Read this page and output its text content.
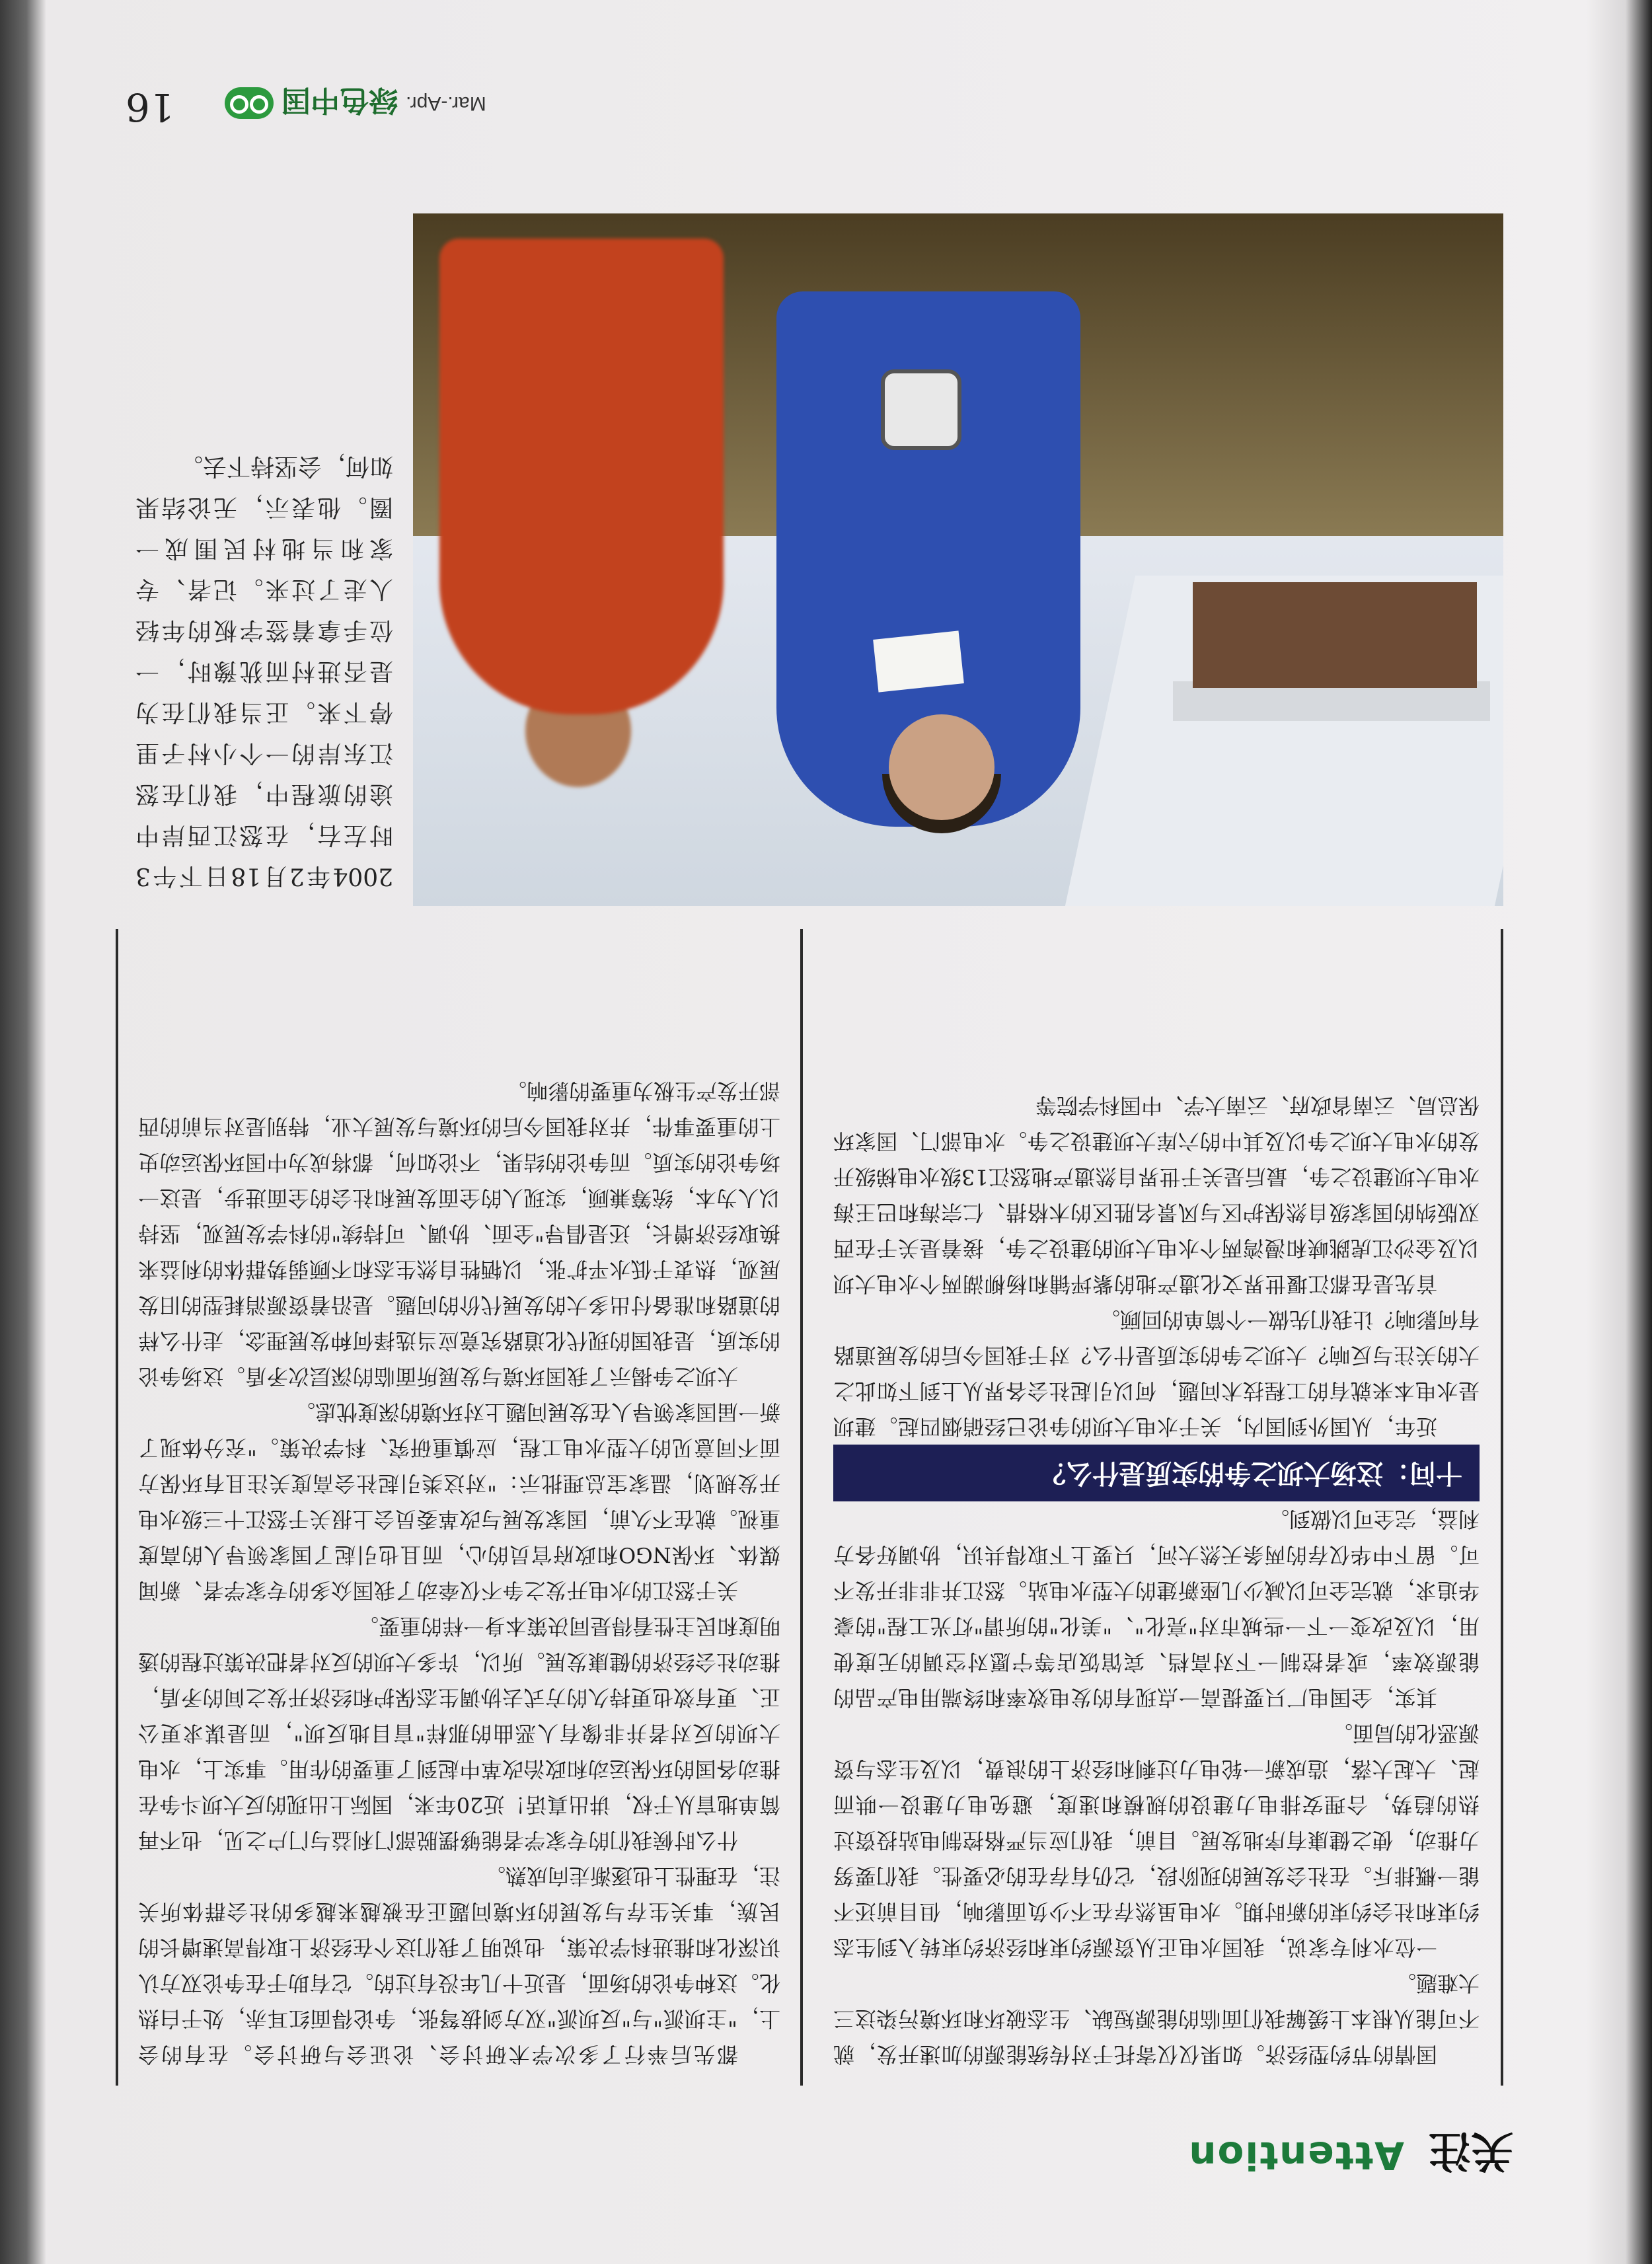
关注
Attention

国情的节约型经济。如果仅仅寄托于对传统能源的加速开发，就不可能从根本上缓解我们面临的能源短缺、生态破坏和环境污染这三大难题。

一位水利专家说，我国水电正从资源约束和经济约束转入到生态约束和社会约束的新时期。水电虽然存在不少负面影响，但目前还不能一概排斥。在社会发展的现阶段，它仍有存在的必要性。我们要努力推动，使之健康有序地发展。目前，我们应当严格控制电站投资过热的趋势，合理安排电力建设的规模和速度，避免电力建设一哄而起、大起大落，造成新一轮电力过剩和经济上的浪费，以及生态与资源恶化的局面。

其实，全国电厂只要提高一点现有的发电效率和终端用电产品的能源效率，或者控制一下对高档、宾馆饭店等宁愿对空调的无度使用，以及改变一下一些城市对"亮化"、"美化"的所谓"灯光工程"的豪华追求，就完全可以减少几座新建的大型水电站。怒江并非非开发不可。留下中华仅存的两条天然大河，只要上下取得共识，协调好各方利益，完全可以做到。

十问：这场大坝之争的实质是什么？

近年，从国外到国内，关于水电大坝的争论已经硝烟四起。建坝是水电本来就有的工程技术问题，何以引起社会各界从上到下如此之大的关注与反响？大坝之争的实质是什么？对于我国今后的发展道路有何影响？让我们先做一个简单的回顾。

首先是在都江堰世界文化遗产地的紫坪铺和杨柳湖两个水电大坝以及金沙江虎跳峡和漫湾两个水电大坝的建设之争，接着是关于在西双版纳的国家级自然保护区与风景名胜区的木格措、仁宗海和巴王海水电大坝建设之争，最后是关于世界自然遗产地怒江13级水电梯级开发的水电大坝之争以及其中的六库大坝建设之争。水电部门、国家环保总局、云南省政府、云南大学、中国科学院等

都先后举行了多次学术研讨会、论证会与研讨会。在有的会上，"主坝派"与"反坝派"双方剑拔弩张，争论得面红耳赤，处于白热化。这种争论的场面，是近十几年没有过的。它有助于在争论双方认识深化和推进科学决策，也说明了我们这个在经济上取得高速增长的民族，事关生存与发展的环境问题正在被越来越多的社会群体所关注，在理性上也逐渐走向成熟。

什么时候我们的专家学者能够摆脱部门利益与门户之见，也不再简单地盲从于权，讲出真话！近20年来，国际上出现的反大坝斗争在推动各国的环保运动和政治改革中起到了重要的作用。事实上，水电大坝的反对者并非像有人恶曲的那样"盲目地反坝"，而是谋求更公正、更有效也更持久的方式去协调生态保护和经济开发之间的矛盾，推动社会经济的健康发展。所以，许多大坝的反对者把决策过程的透明度和民主性看得是同决策本身一样的重要。

关于怒江的水电开发之争不仅牵动了我国众多的专家学者、新闻媒体、环保NGO和政府官员的心，而且也引起了国家领导人的高度重视。就在不久前，国家发展与改革委员会上报关于怒江十三级水电开发规划，温家宝总理批示："对这类引起社会高度关注且有环保方面不同意见的大型水电工程，应慎重研究、科学决策。"充分体现了新一届国家领导人在发展问题上对环境的深度忧虑。

大坝之争揭示了我国环境与发展所面临的深层次矛盾。这场争论的实质，是我国的现代化道路究竟应当选择何种发展理念，走什么样的道路和准备付出多大的发展代价的问题。是沿着资源消耗型的旧发展观，热衷于低水平扩张，以牺牲自然生态和不顾弱势群体的利益来换取经济增长，还是倡导"全面、协调、可持续"的科学发展观，坚持以人为本，统筹兼顾，实现人的全面发展和社会的全面进步，是这一场争论的实质。而争论的结果，不论如何，都将成为中国环保运动史上的重要事件，并对我国今后的环境与发展大业，特别是对当前的西部开发产生极为重要的影响。

2004年2月18日下午3时左右，在怒江西岸中途的旅程中，我们在怒江东岸的一个小村子里停下来。正当我们在为是否进村而犹豫时，一位手拿着签字板的年轻人走了过来。记者、专家和当地村民围成一圈。他表示，无论结果如何，会坚持下去。
Mar.-Apr.
绿色中国
16
